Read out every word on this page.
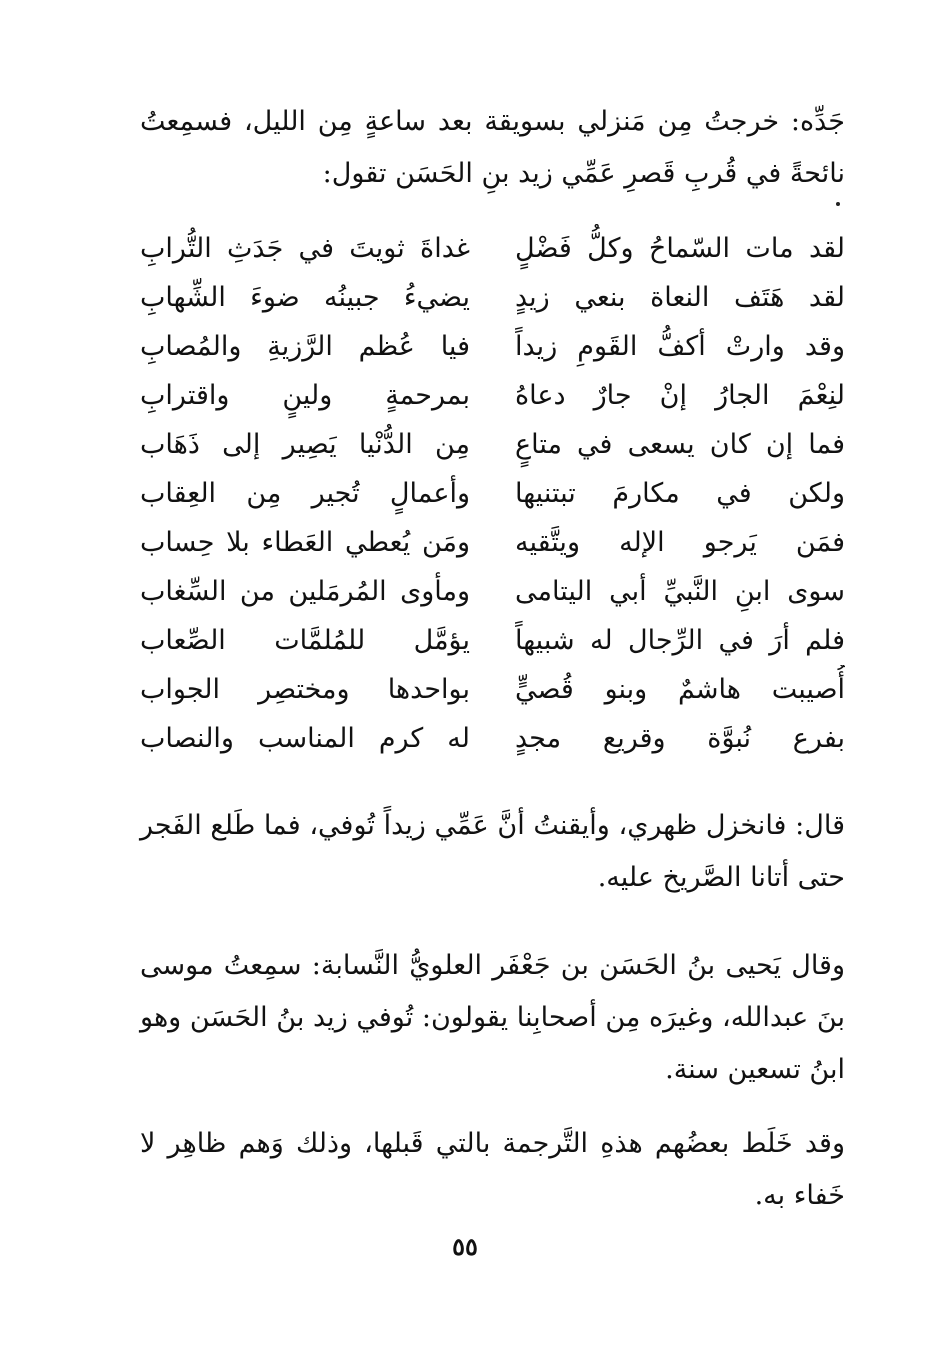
جَدِّه: خرجتُ مِن مَنزلي بسويقة بعد ساعةٍ مِن الليل، فسمِعتُ نائحةً في قُربِ قَصرِ عَمِّي زيد بنِ الحَسَن تقول:

لقد مات السّماحُ وكلُّ فَضْلٍ
غداةَ ثويتَ في جَدَثِ التُّرابِ
لقد هَتَف النعاة بنعي زيدٍ
يضيءُ جبينُه ضوءَ الشِّهابِ
وقد وارتْ أكفُّ القَومِ زيداً
فيا عُظم الرَّزيةِ والمُصابِ
لنِعْمَ الجارُ إنْ جارٌ دعاهُ
بمرحمةٍ ولينٍ واقترابِ
فما إن كان يسعى في متاعٍ
مِن الدُّنْيا يَصِير إلى ذَهَاب
ولكن في مكارمَ تبتنيها
وأعمالٍ تُجير مِن العِقاب
فمَن يَرجو الإله ويتَّقيه
ومَن يُعطي العَطاء بلا حِساب
سوى ابنِ النَّبيِّ أبي اليتامى
ومأوى المُرمَلين من السِّغاب
فلم أرَ في الرِّجال له شبيهاً
يؤمَّل للمُلمَّات الصِّعاب
أُصيبت هاشمٌ وبنو قُصيٍّ
بواحدها ومختصِر الجواب
بفرع نُبوَّة وقريع مجدٍ
له كرم المناسب والنصاب

قال: فانخزل ظهري، وأيقنتُ أنَّ عَمِّي زيداً تُوفي، فما طَلع الفَجر حتى أتانا الصَّريخ عليه.

وقال يَحيى بنُ الحَسَن بن جَعْفَر العلويُّ النَّسابة: سمِعتُ موسى بنَ عبدالله، وغيرَه مِن أصحابِنا يقولون: تُوفي زيد بنُ الحَسَن وهو ابنُ تسعين سنة.

وقد خَلَط بعضُهم هذهِ التَّرجمة بالتي قَبلها، وذلك وَهم ظاهِر لا خَفاء به.

٥٥
